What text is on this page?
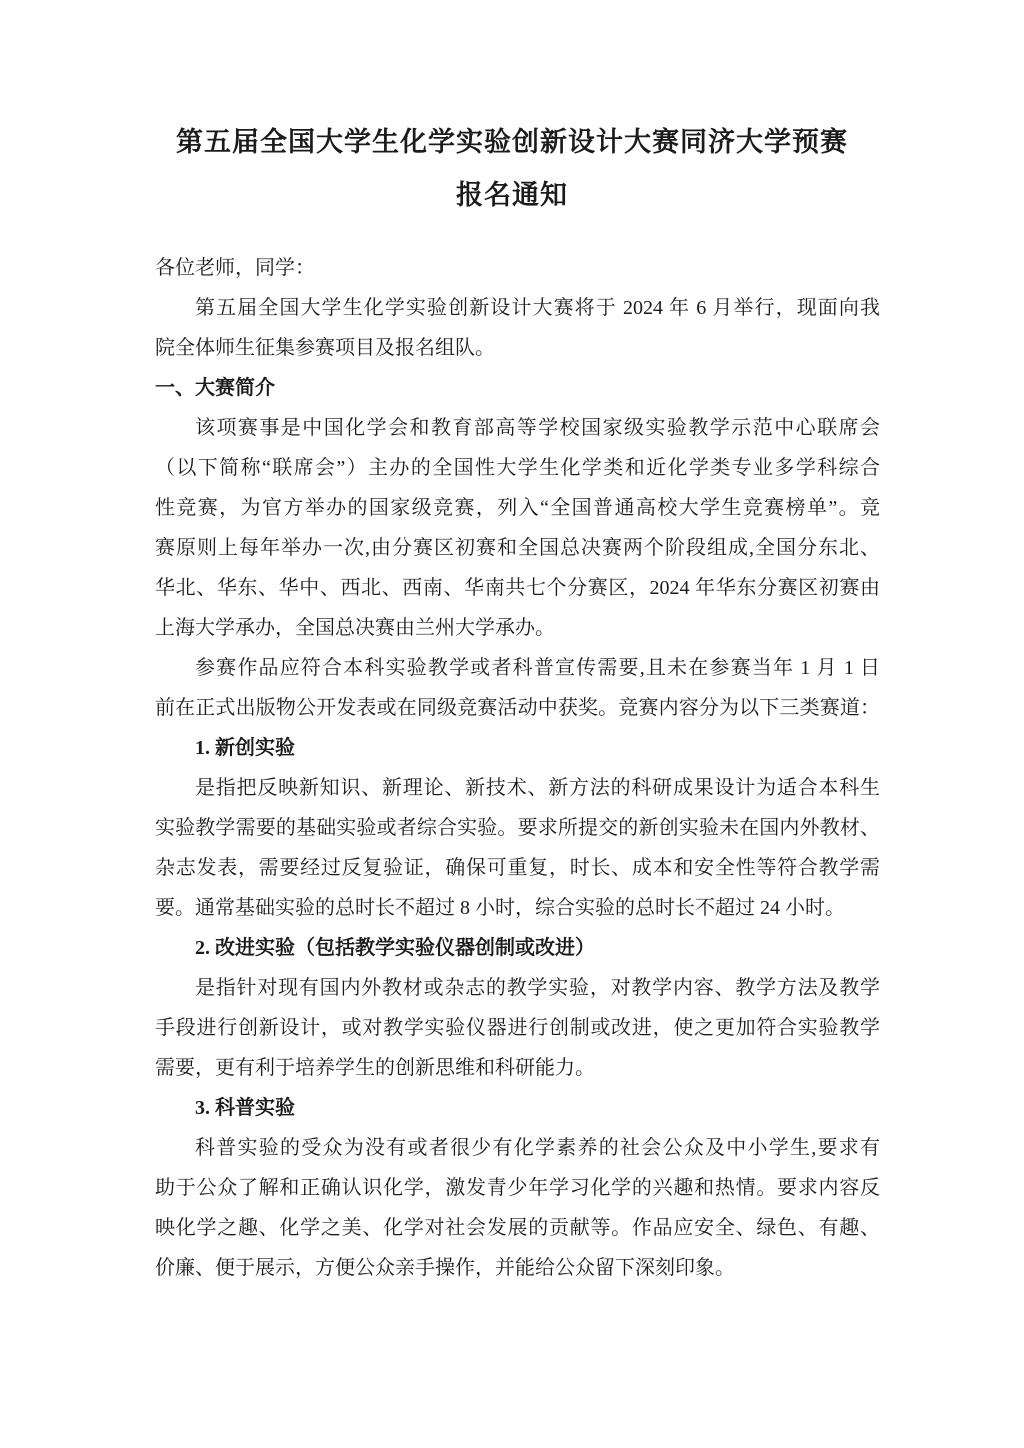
第五届全国大学生化学实验创新设计大赛同济大学预赛
报名通知
各位老师，同学：
第五届全国大学生化学实验创新设计大赛将于 2024 年 6 月举行，现面向我
院全体师生征集参赛项目及报名组队。
一、大赛简介
该项赛事是中国化学会和教育部高等学校国家级实验教学示范中心联席会
（以下简称“联席会”）主办的全国性大学生化学类和近化学类专业多学科综合
性竞赛，为官方举办的国家级竞赛，列入“全国普通高校大学生竞赛榜单”。竞
赛原则上每年举办一次,由分赛区初赛和全国总决赛两个阶段组成,全国分东北、
华北、华东、华中、西北、西南、华南共七个分赛区，2024 年华东分赛区初赛由
上海大学承办，全国总决赛由兰州大学承办。
参赛作品应符合本科实验教学或者科普宣传需要,且未在参赛当年 1 月 1 日
前在正式出版物公开发表或在同级竞赛活动中获奖。竞赛内容分为以下三类赛道：
1. 新创实验
是指把反映新知识、新理论、新技术、新方法的科研成果设计为适合本科生
实验教学需要的基础实验或者综合实验。要求所提交的新创实验未在国内外教材、
杂志发表，需要经过反复验证，确保可重复，时长、成本和安全性等符合教学需
要。通常基础实验的总时长不超过 8 小时，综合实验的总时长不超过 24 小时。
2. 改进实验（包括教学实验仪器创制或改进）
是指针对现有国内外教材或杂志的教学实验，对教学内容、教学方法及教学
手段进行创新设计，或对教学实验仪器进行创制或改进，使之更加符合实验教学
需要，更有利于培养学生的创新思维和科研能力。
3. 科普实验
科普实验的受众为没有或者很少有化学素养的社会公众及中小学生,要求有
助于公众了解和正确认识化学，激发青少年学习化学的兴趣和热情。要求内容反
映化学之趣、化学之美、化学对社会发展的贡献等。作品应安全、绿色、有趣、
价廉、便于展示，方便公众亲手操作，并能给公众留下深刻印象。
